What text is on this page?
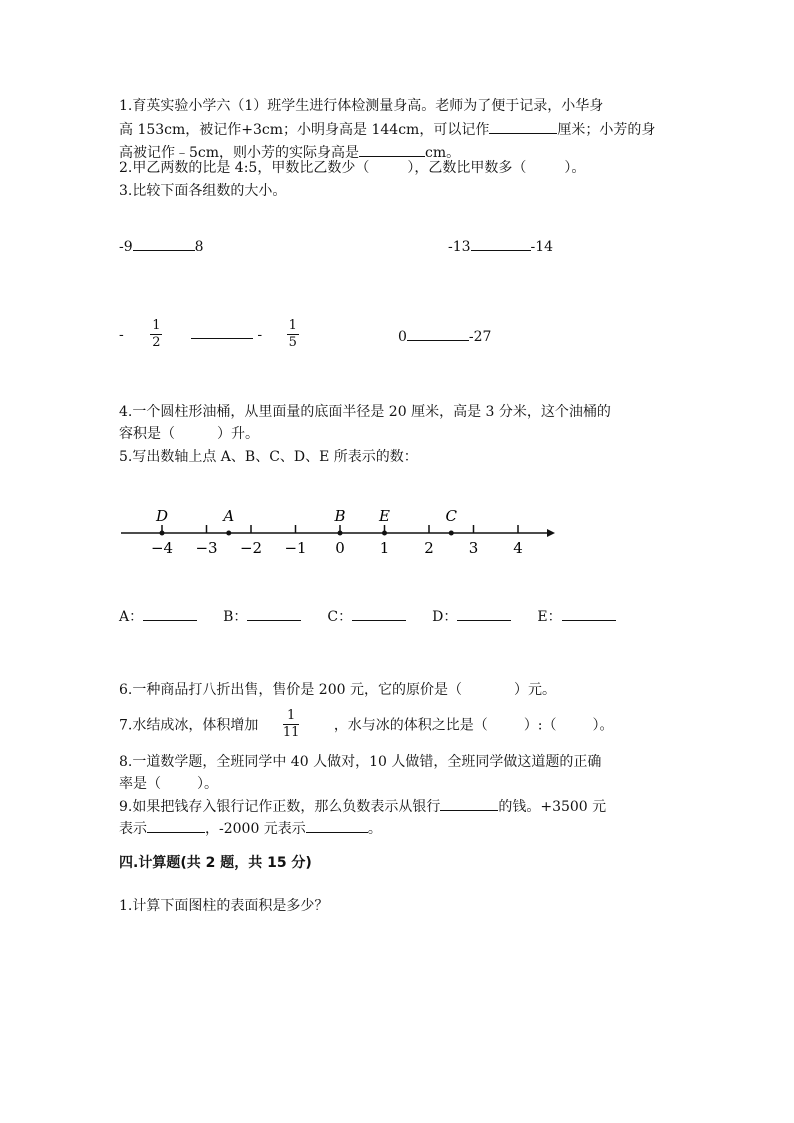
1.育英实验小学六（1）班学生进行体检测量身高。老师为了便于记录，小华身
高 153cm，被记作+3cm；小明身高是 144cm，可以记作	厘米；小芳的身
高被记作﹣5cm，则小芳的实际身高是	cm。
2.甲乙两数的比是 4:5，甲数比乙数少（	），乙数比甲数多（	）。
3.比较下面各组数的大小。
-9	8	-13	-14
- $\frac{1}{2}$	- $\frac{1}{5}$	0	-27
4.一个圆柱形油桶，从里面量的底面半径是 20 厘米，高是 3 分米，这个油桶的
容积是（	）升。
5.写出数轴上点 A、B、C、D、E 所表示的数：
−4 −3 −2 −1 0 1 2 3 4
D	A	B E	C
A：	B：	C：	D：	E：
6.一种商品打八折出售，售价是 200 元，它的原价是（	）元。
7.水结成冰，体积增加 $\frac{1}{11}$ ，水与冰的体积之比是（	）:（	）。
8.一道数学题，全班同学中 40 人做对，10 人做错，全班同学做这道题的正确
率是（	）。
9.如果把钱存入银行记作正数，那么负数表示从银行	的钱。+3500 元
表示	，-2000 元表示	。
四.计算题(共 2 题，共 15 分)
1.计算下面图柱的表面积是多少？
